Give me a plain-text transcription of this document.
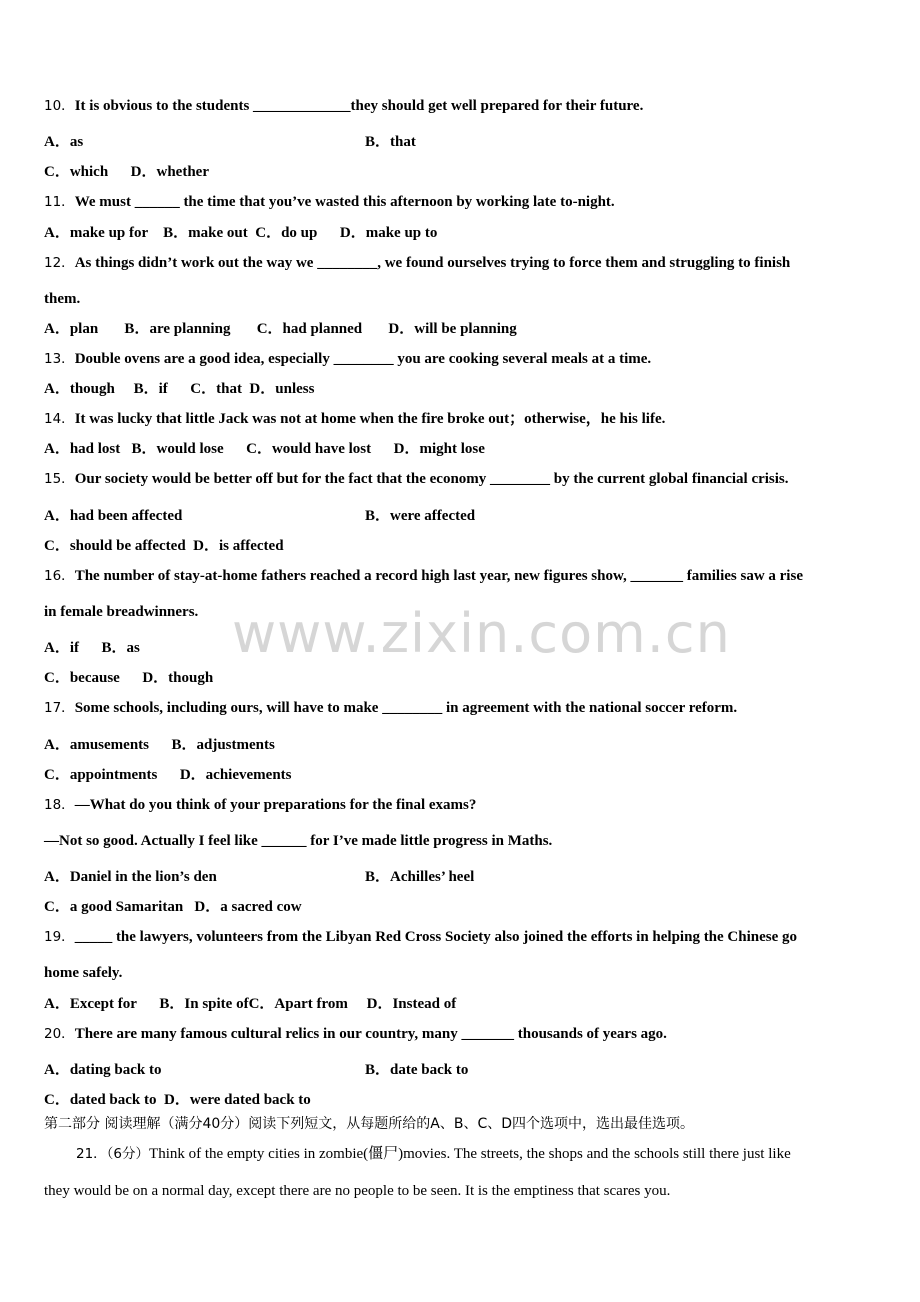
www.zixin.com.cn
10．It is obvious to the students _____________they should get well prepared for their future.
A．as	B．that
C．which      D．whether
11．We must ______ the time that you’ve wasted this afternoon by working late to-night.
A．make up for    B．make out  C．do up      D．make up to
12．As things didn’t work out the way we ________, we found ourselves trying to force them and struggling to finish
them.
A．plan       B．are planning       C．had planned       D．will be planning
13．Double ovens are a good idea, especially ________ you are cooking several meals at a time.
A．though     B．if      C．that  D．unless
14．It was lucky that little Jack was not at home when the fire broke out；otherwise，he his life.
A．had lost   B．would lose      C．would have lost      D．might lose
15．Our society would be better off but for the fact that the economy ________ by the current global financial crisis.
A．had been affected	B．were affected
C．should be affected  D．is affected
16．The number of stay-at-home fathers reached a record high last year, new figures show, _______ families saw a rise
in female breadwinners.
A．if      B．as
C．because      D．though
17．Some schools, including ours, will have to make ________ in agreement with the national soccer reform.
A．amusements      B．adjustments
C．appointments      D．achievements
18．—What do you think of your preparations for the final exams?
—Not so good. Actually I feel like ______ for I’ve made little progress in Maths.
A．Daniel in the lion’s den	B．Achilles’ heel
C．a good Samaritan   D．a sacred cow
19．_____ the lawyers, volunteers from the Libyan Red Cross Society also joined the efforts in helping the Chinese go
home safely.
A．Except for      B．In spite ofC．Apart from     D．Instead of
20．There are many famous cultural relics in our country, many _______ thousands of years ago.
A．dating back to	B．date back to
C．dated back to  D．were dated back to
第二部分 阅读理解（满分40分）阅读下列短文，从每题所给的A、B、C、D四个选项中，选出最佳选项。
21．（6分）Think of the empty cities in zombie(僵尸)movies. The streets, the shops and the schools still there just like
they would be on a normal day, except there are no people to be seen. It is the emptiness that scares you.
